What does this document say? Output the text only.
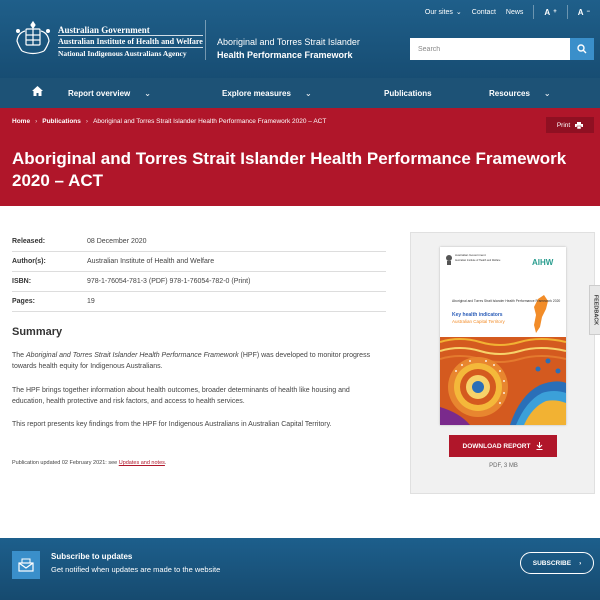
Australian Government
Australian Institute of Health and Welfare
National Indigenous Australians Agency
Aboriginal and Torres Strait Islander
Health Performance Framework
Our sites ⌄ Contact News	A +	A −
Search
Report overview ⌄	Explore measures ⌄	Publications	Resources ⌄
Home › Publications › Aboriginal and Torres Strait Islander Health Performance Framework 2020 – ACT	Print
Aboriginal and Torres Strait Islander Health Performance Framework 2020 – ACT
Released:	08 December 2020
Author(s):	Australian Institute of Health and Welfare
ISBN:	978-1-76054-781-3 (PDF) 978-1-76054-782-0 (Print)
Pages:	19
Summary

The Aboriginal and Torres Strait Islander Health Performance Framework (HPF) was developed to monitor progress towards health equity for Indigenous Australians.

The HPF brings together information about health outcomes, broader determinants of health like housing and education, health protective and risk factors, and access to health services.

This report presents key findings from the HPF for Indigenous Australians in Australian Capital Territory.

Publication updated 02 February 2021: see Updates and notes.

Australian Government
Australian Institute of Health and Welfare	AIHW
Aboriginal and Torres Strait Islander Health Performance Framework 2020
Key health indicators
Australian Capital Territory
DOWNLOAD REPORT
PDF, 3 MB
FEEDBACK
Subscribe to updates
Get notified when updates are made to the website
SUBSCRIBE ›
